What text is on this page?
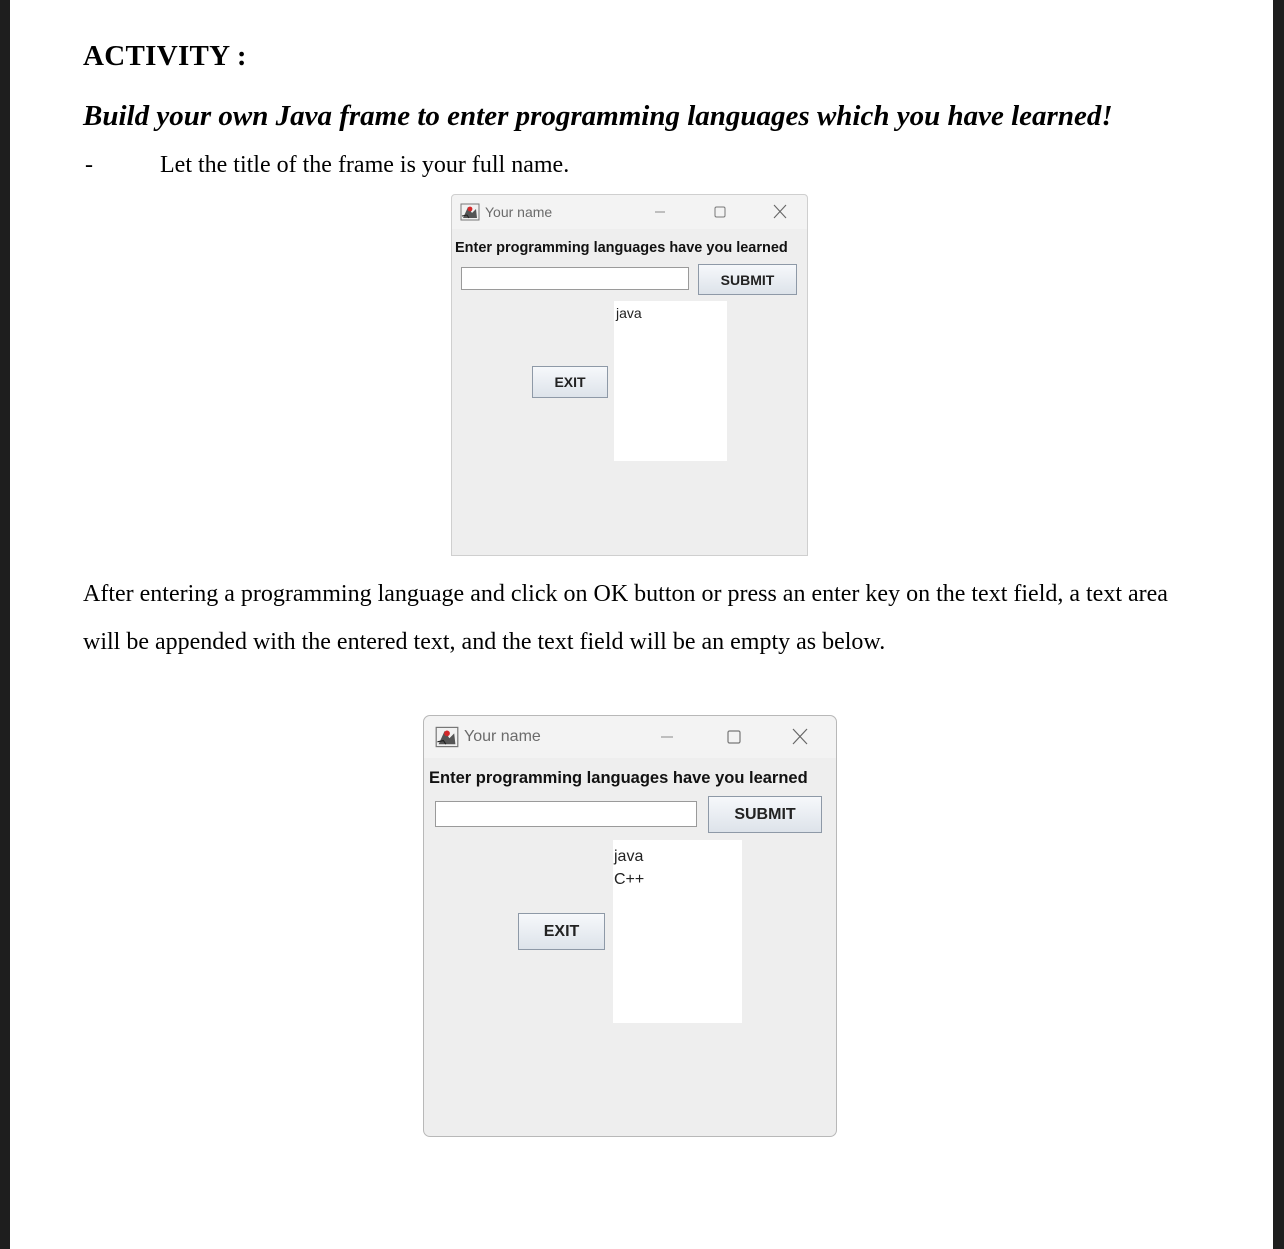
ACTIVITY :
Build your own Java frame to enter programming languages which you have learned!
-	Let the title of the frame is your full name.
Your name
Enter programming languages have you learned
SUBMIT
EXIT
java

After entering a programming language and click on OK button or press an enter key on the text field, a text area will be appended with the entered text, and the text field will be an empty as below.

Your name
Enter programming languages have you learned
SUBMIT
EXIT
java
C++
